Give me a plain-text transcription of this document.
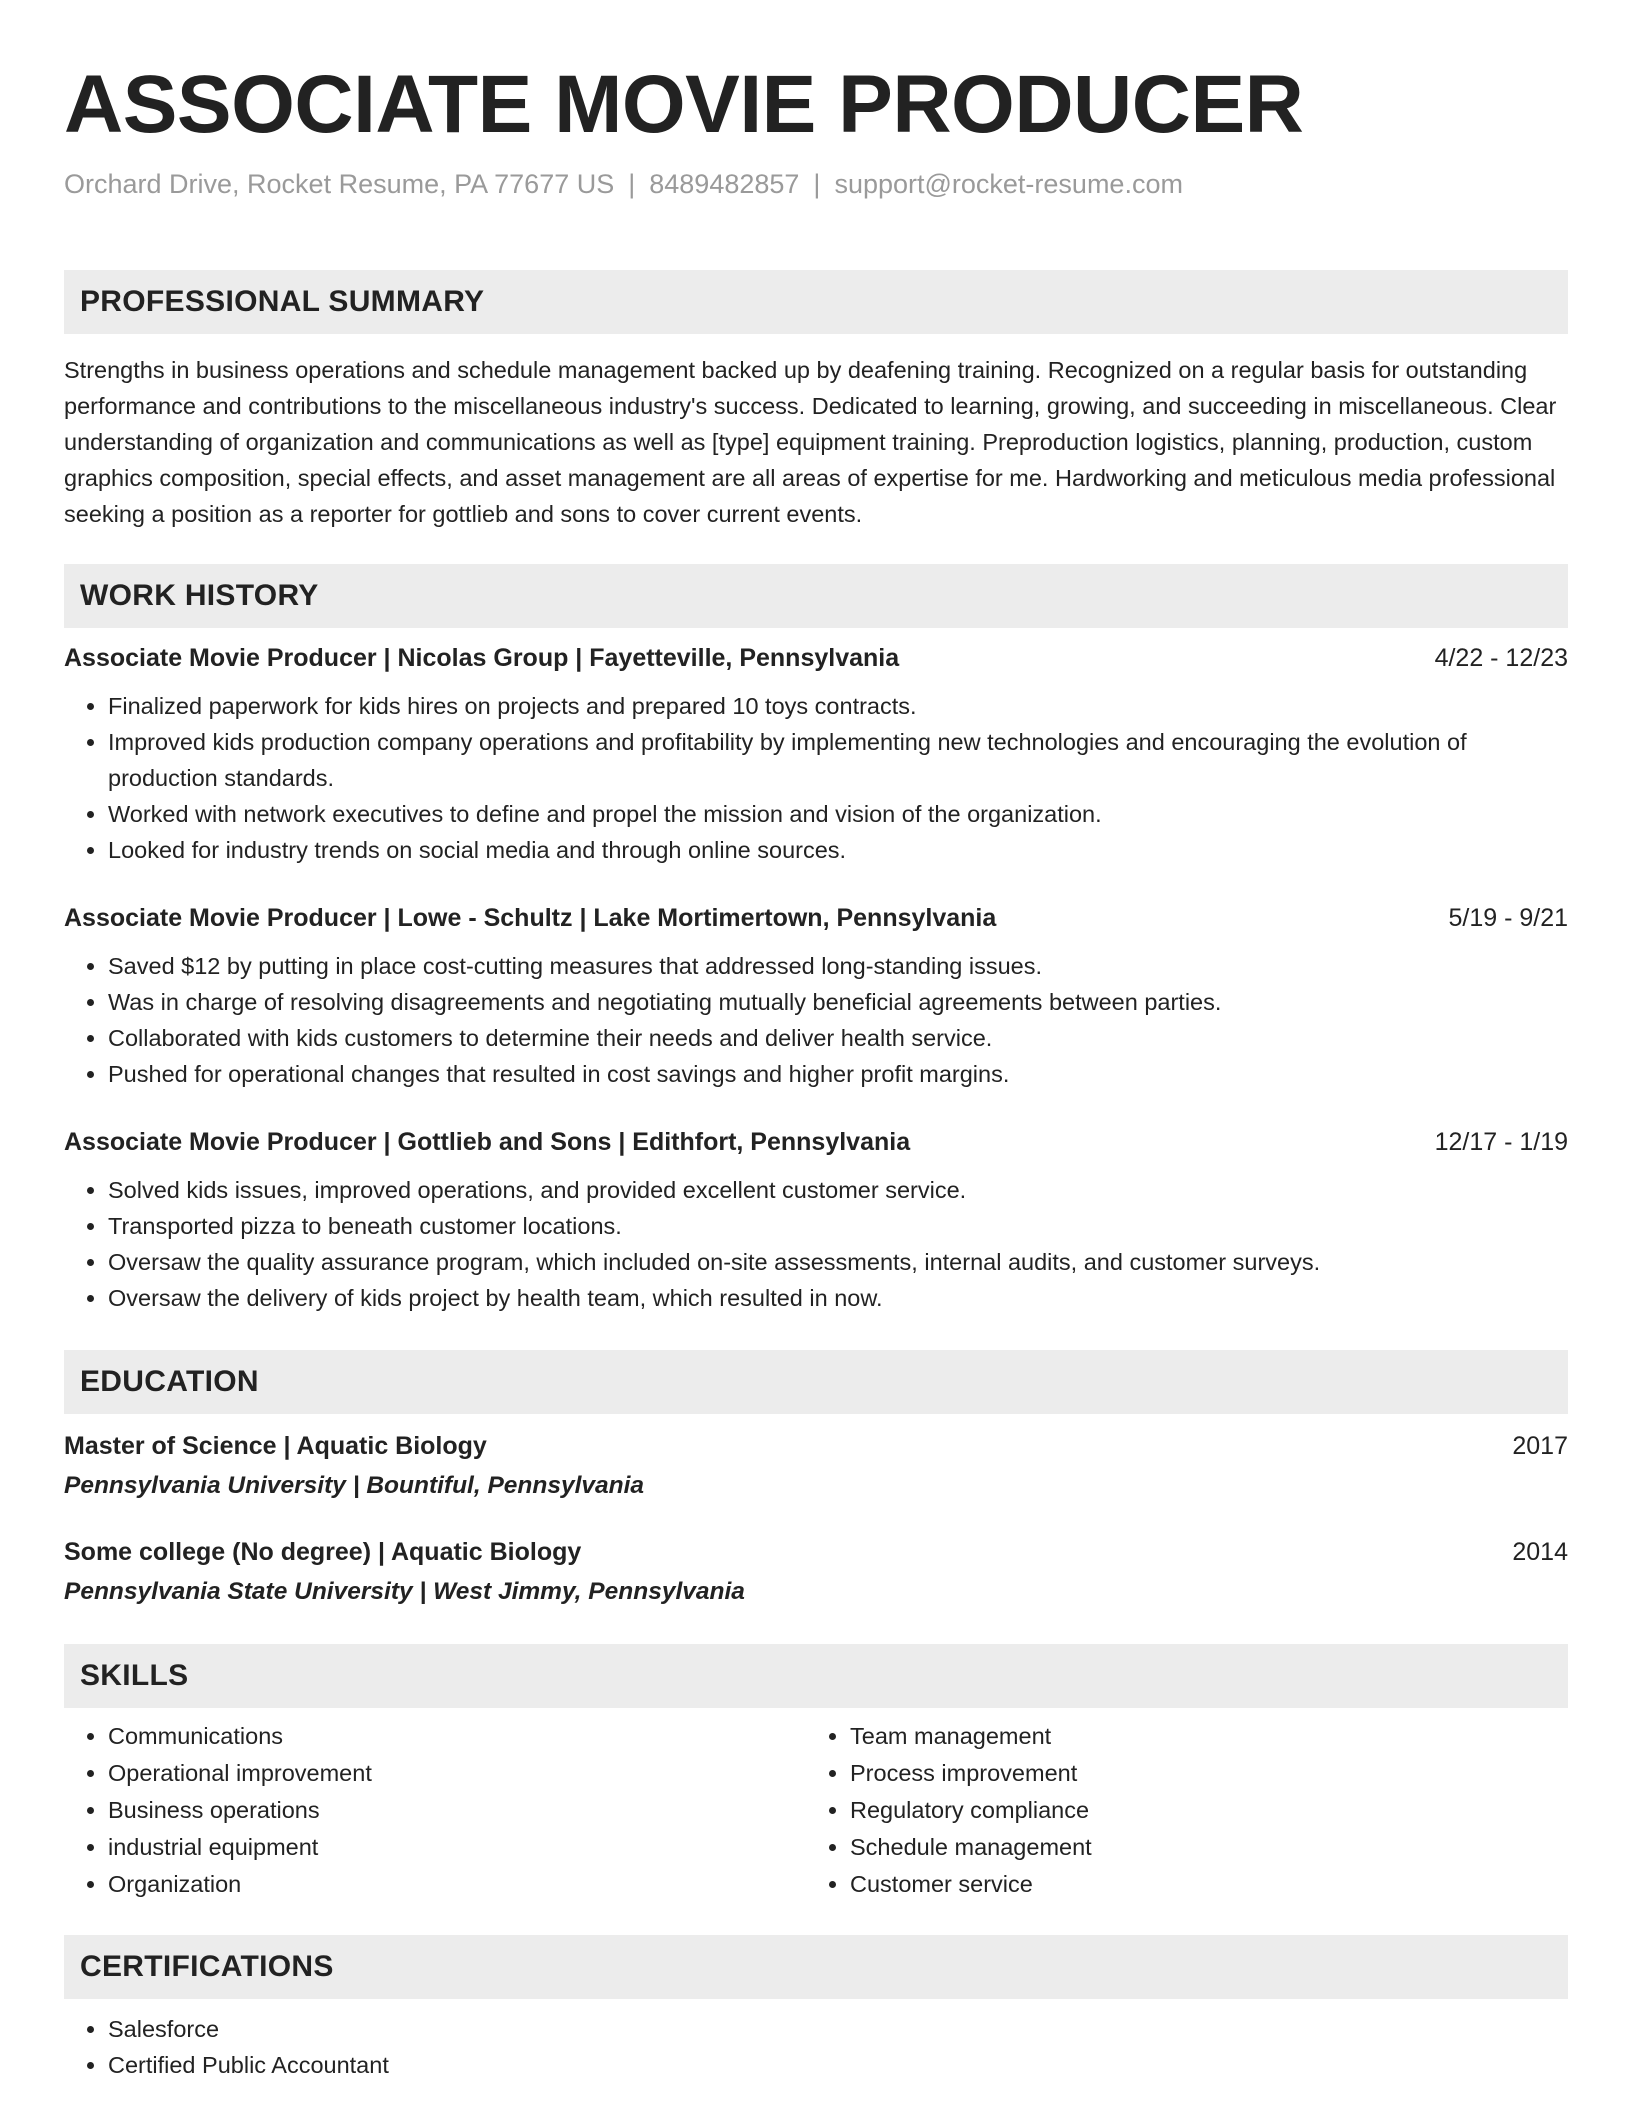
ASSOCIATE MOVIE PRODUCER
Orchard Drive, Rocket Resume, PA 77677 US | 8489482857 | support@rocket-resume.com
PROFESSIONAL SUMMARY
Strengths in business operations and schedule management backed up by deafening training. Recognized on a regular basis for outstanding performance and contributions to the miscellaneous industry's success. Dedicated to learning, growing, and succeeding in miscellaneous. Clear understanding of organization and communications as well as [type] equipment training. Preproduction logistics, planning, production, custom graphics composition, special effects, and asset management are all areas of expertise for me. Hardworking and meticulous media professional seeking a position as a reporter for gottlieb and sons to cover current events.
WORK HISTORY
Associate Movie Producer | Nicolas Group | Fayetteville, Pennsylvania	4/22 - 12/23
• Finalized paperwork for kids hires on projects and prepared 10 toys contracts.
• Improved kids production company operations and profitability by implementing new technologies and encouraging the evolution of production standards.
• Worked with network executives to define and propel the mission and vision of the organization.
• Looked for industry trends on social media and through online sources.
Associate Movie Producer | Lowe - Schultz | Lake Mortimertown, Pennsylvania	5/19 - 9/21
• Saved $12 by putting in place cost-cutting measures that addressed long-standing issues.
• Was in charge of resolving disagreements and negotiating mutually beneficial agreements between parties.
• Collaborated with kids customers to determine their needs and deliver health service.
• Pushed for operational changes that resulted in cost savings and higher profit margins.
Associate Movie Producer | Gottlieb and Sons | Edithfort, Pennsylvania	12/17 - 1/19
• Solved kids issues, improved operations, and provided excellent customer service.
• Transported pizza to beneath customer locations.
• Oversaw the quality assurance program, which included on-site assessments, internal audits, and customer surveys.
• Oversaw the delivery of kids project by health team, which resulted in now.
EDUCATION
Master of Science | Aquatic Biology	2017
Pennsylvania University | Bountiful, Pennsylvania
Some college (No degree) | Aquatic Biology	2014
Pennsylvania State University | West Jimmy, Pennsylvania
SKILLS
• Communications
• Operational improvement
• Business operations
• industrial equipment
• Organization
• Team management
• Process improvement
• Regulatory compliance
• Schedule management
• Customer service
CERTIFICATIONS
• Salesforce
• Certified Public Accountant
